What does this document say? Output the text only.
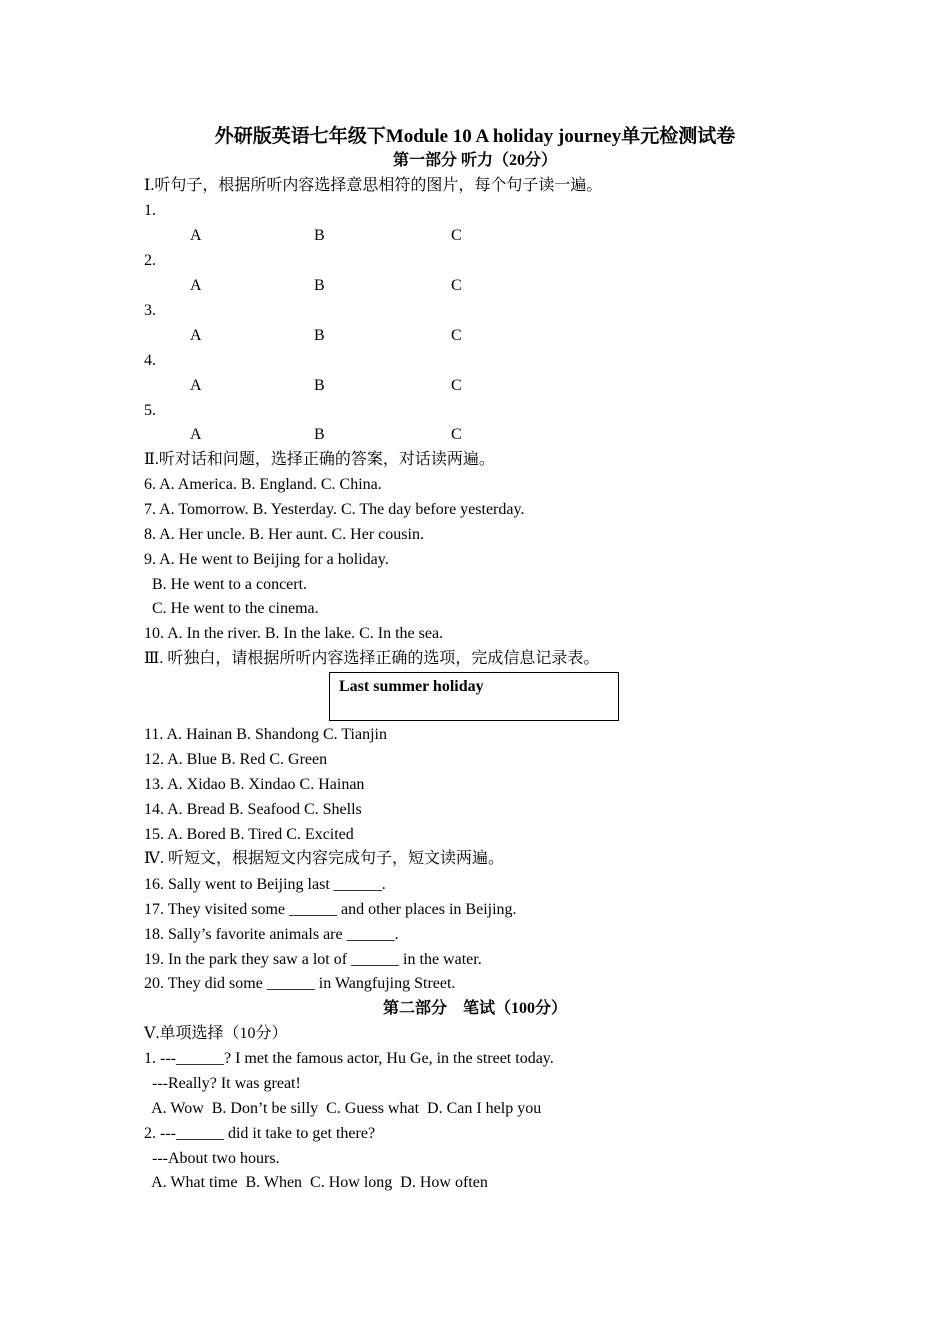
外研版英语七年级下Module 10 A holiday journey单元检测试卷
第一部分 听力（20分）
Ⅰ.听句子，根据所听内容选择意思相符的图片，每个句子读一遍。
1.
A	B	C
2.
A	B	C
3.
A	B	C
4.
A	B	C
5.
A	B	C
Ⅱ.听对话和问题，选择正确的答案，对话读两遍。
6. A. America. B. England. C. China.
7. A. Tomorrow. B. Yesterday. C. The day before yesterday.
8. A. Her uncle. B. Her aunt. C. Her cousin.
9. A. He went to Beijing for a holiday.
B. He went to a concert.
C. He went to the cinema.
10. A. In the river. B. In the lake. C. In the sea.
Ⅲ. 听独白，请根据所听内容选择正确的选项，完成信息记录表。
Last summer holiday
11. A. Hainan B. Shandong C. Tianjin
12. A. Blue B. Red C. Green
13. A. Xidao B. Xindao C. Hainan
14. A. Bread B. Seafood C. Shells
15. A. Bored B. Tired C. Excited
Ⅳ. 听短文，根据短文内容完成句子，短文读两遍。
16. Sally went to Beijing last ______.
17. They visited some ______ and other places in Beijing.
18. Sally’s favorite animals are ______.
19. In the park they saw a lot of ______ in the water.
20. They did some ______ in Wangfujing Street.
第二部分    笔试（100分）
Ⅴ.单项选择（10分）
1. ---______? I met the famous actor, Hu Ge, in the street today.
---Really? It was great!
A. Wow  B. Don’t be silly  C. Guess what  D. Can I help you
2. ---______ did it take to get there?
---About two hours.
A. What time  B. When  C. How long  D. How often
